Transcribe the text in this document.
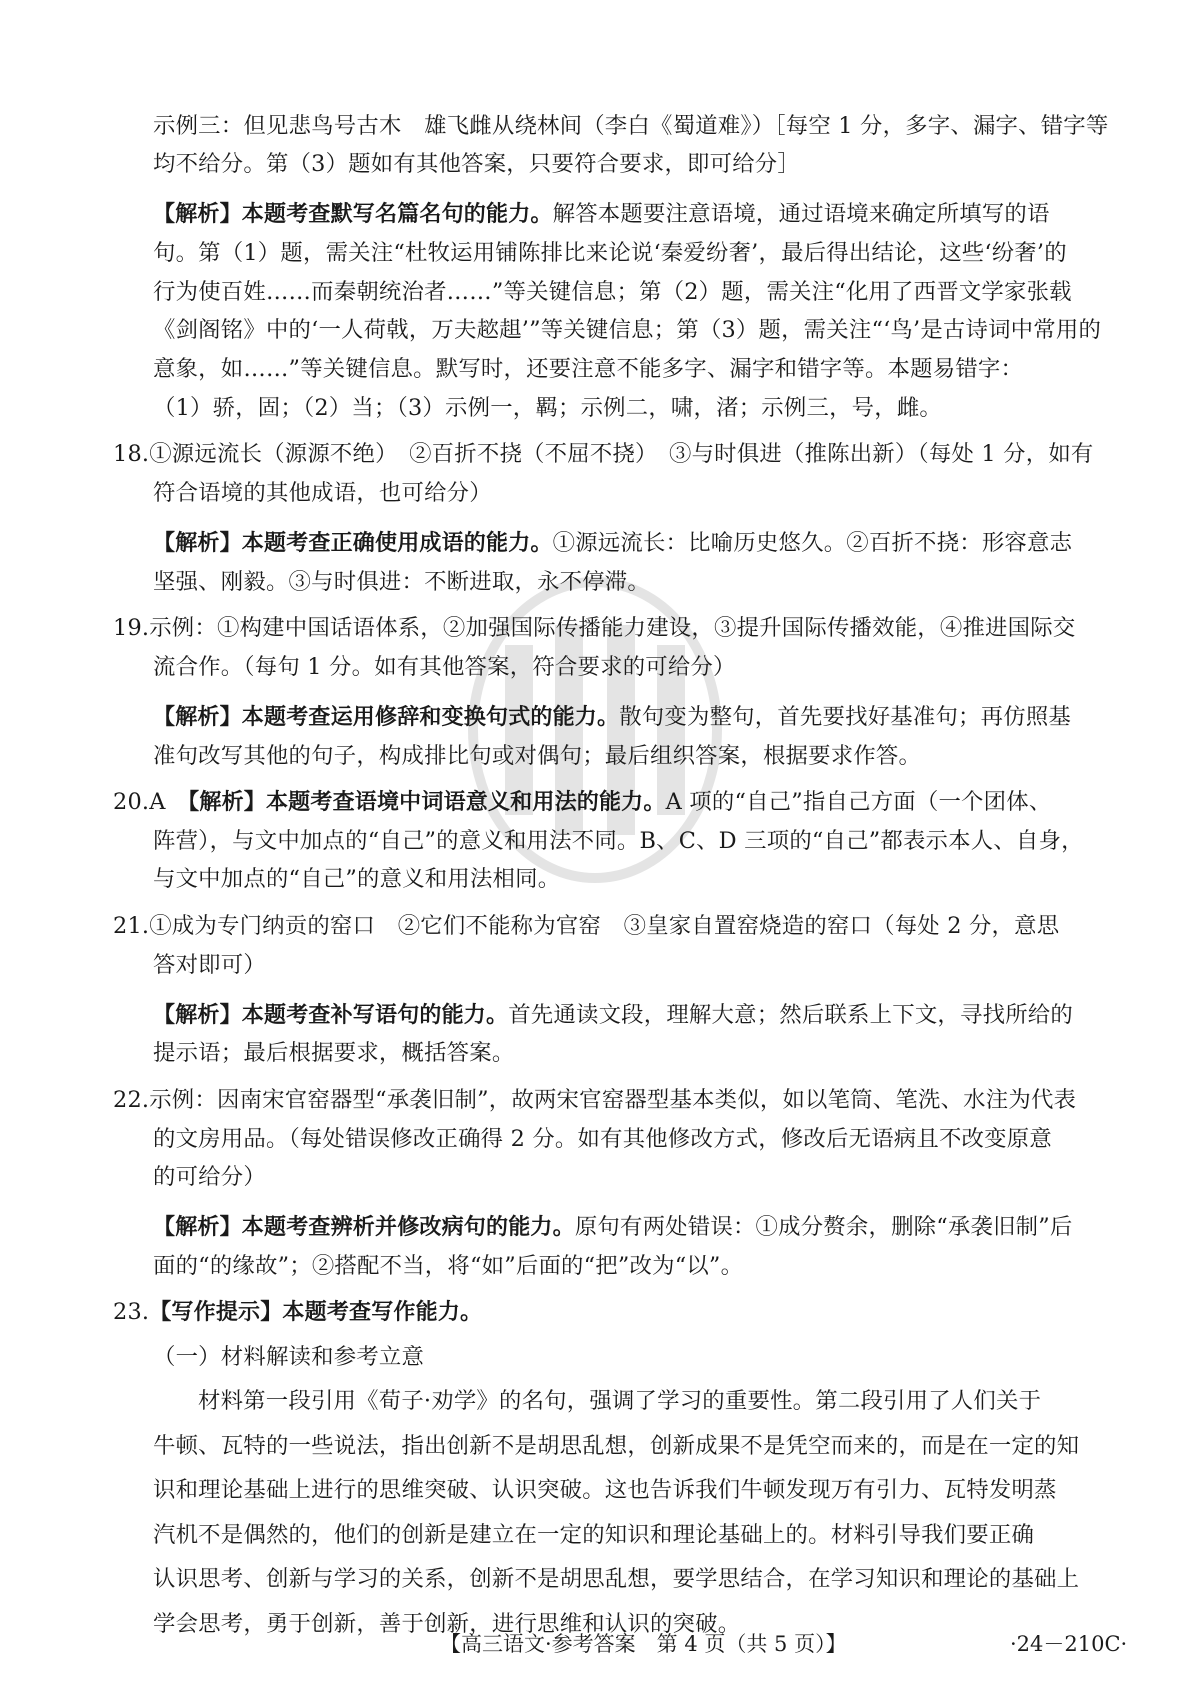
示例三：但见悲鸟号古木　雄飞雌从绕林间（李白《蜀道难》）［每空 1 分，多字、漏字、错字等
均不给分。第（3）题如有其他答案，只要符合要求，即可给分］
【解析】本题考查默写名篇名句的能力。解答本题要注意语境，通过语境来确定所填写的语
句。第（1）题，需关注“杜牧运用铺陈排比来论说‘秦爱纷奢’，最后得出结论，这些‘纷奢’的
行为使百姓……而秦朝统治者……”等关键信息；第（2）题，需关注“化用了西晋文学家张载
《剑阁铭》中的‘一人荷戟，万夫趑趄’”等关键信息；第（3）题，需关注“‘鸟’是古诗词中常用的
意象，如……”等关键信息。默写时，还要注意不能多字、漏字和错字等。本题易错字：
（1）骄，固；（2）当；（3）示例一，羁；示例二，啸，渚；示例三，号，雌。
18.①源远流长（源源不绝）　②百折不挠（不屈不挠）　③与时俱进（推陈出新）（每处 1 分，如有
符合语境的其他成语，也可给分）
【解析】本题考查正确使用成语的能力。①源远流长：比喻历史悠久。②百折不挠：形容意志
坚强、刚毅。③与时俱进：不断进取，永不停滞。
19.示例：①构建中国话语体系，②加强国际传播能力建设，③提升国际传播效能，④推进国际交
流合作。（每句 1 分。如有其他答案，符合要求的可给分）
【解析】本题考查运用修辞和变换句式的能力。散句变为整句，首先要找好基准句；再仿照基
准句改写其他的句子，构成排比句或对偶句；最后组织答案，根据要求作答。
20.A　【解析】本题考查语境中词语意义和用法的能力。A 项的“自己”指自己方面（一个团体、
阵营），与文中加点的“自己”的意义和用法不同。B、C、D 三项的“自己”都表示本人、自身，
与文中加点的“自己”的意义和用法相同。
21.①成为专门纳贡的窑口　②它们不能称为官窑　③皇家自置窑烧造的窑口（每处 2 分，意思
答对即可）
【解析】本题考查补写语句的能力。首先通读文段，理解大意；然后联系上下文，寻找所给的
提示语；最后根据要求，概括答案。
22.示例：因南宋官窑器型“承袭旧制”，故两宋官窑器型基本类似，如以笔筒、笔洗、水注为代表
的文房用品。（每处错误修改正确得 2 分。如有其他修改方式，修改后无语病且不改变原意
的可给分）
【解析】本题考查辨析并修改病句的能力。原句有两处错误：①成分赘余，删除“承袭旧制”后
面的“的缘故”；②搭配不当，将“如”后面的“把”改为“以”。
23.【写作提示】本题考查写作能力。
（一）材料解读和参考立意
材料第一段引用《荀子·劝学》的名句，强调了学习的重要性。第二段引用了人们关于
牛顿、瓦特的一些说法，指出创新不是胡思乱想，创新成果不是凭空而来的，而是在一定的知
识和理论基础上进行的思维突破、认识突破。这也告诉我们牛顿发现万有引力、瓦特发明蒸
汽机不是偶然的，他们的创新是建立在一定的知识和理论基础上的。材料引导我们要正确
认识思考、创新与学习的关系，创新不是胡思乱想，要学思结合，在学习知识和理论的基础上
学会思考，勇于创新，善于创新，进行思维和认识的突破。
【高三语文·参考答案　第 4 页（共 5 页）】	·24－210C·
